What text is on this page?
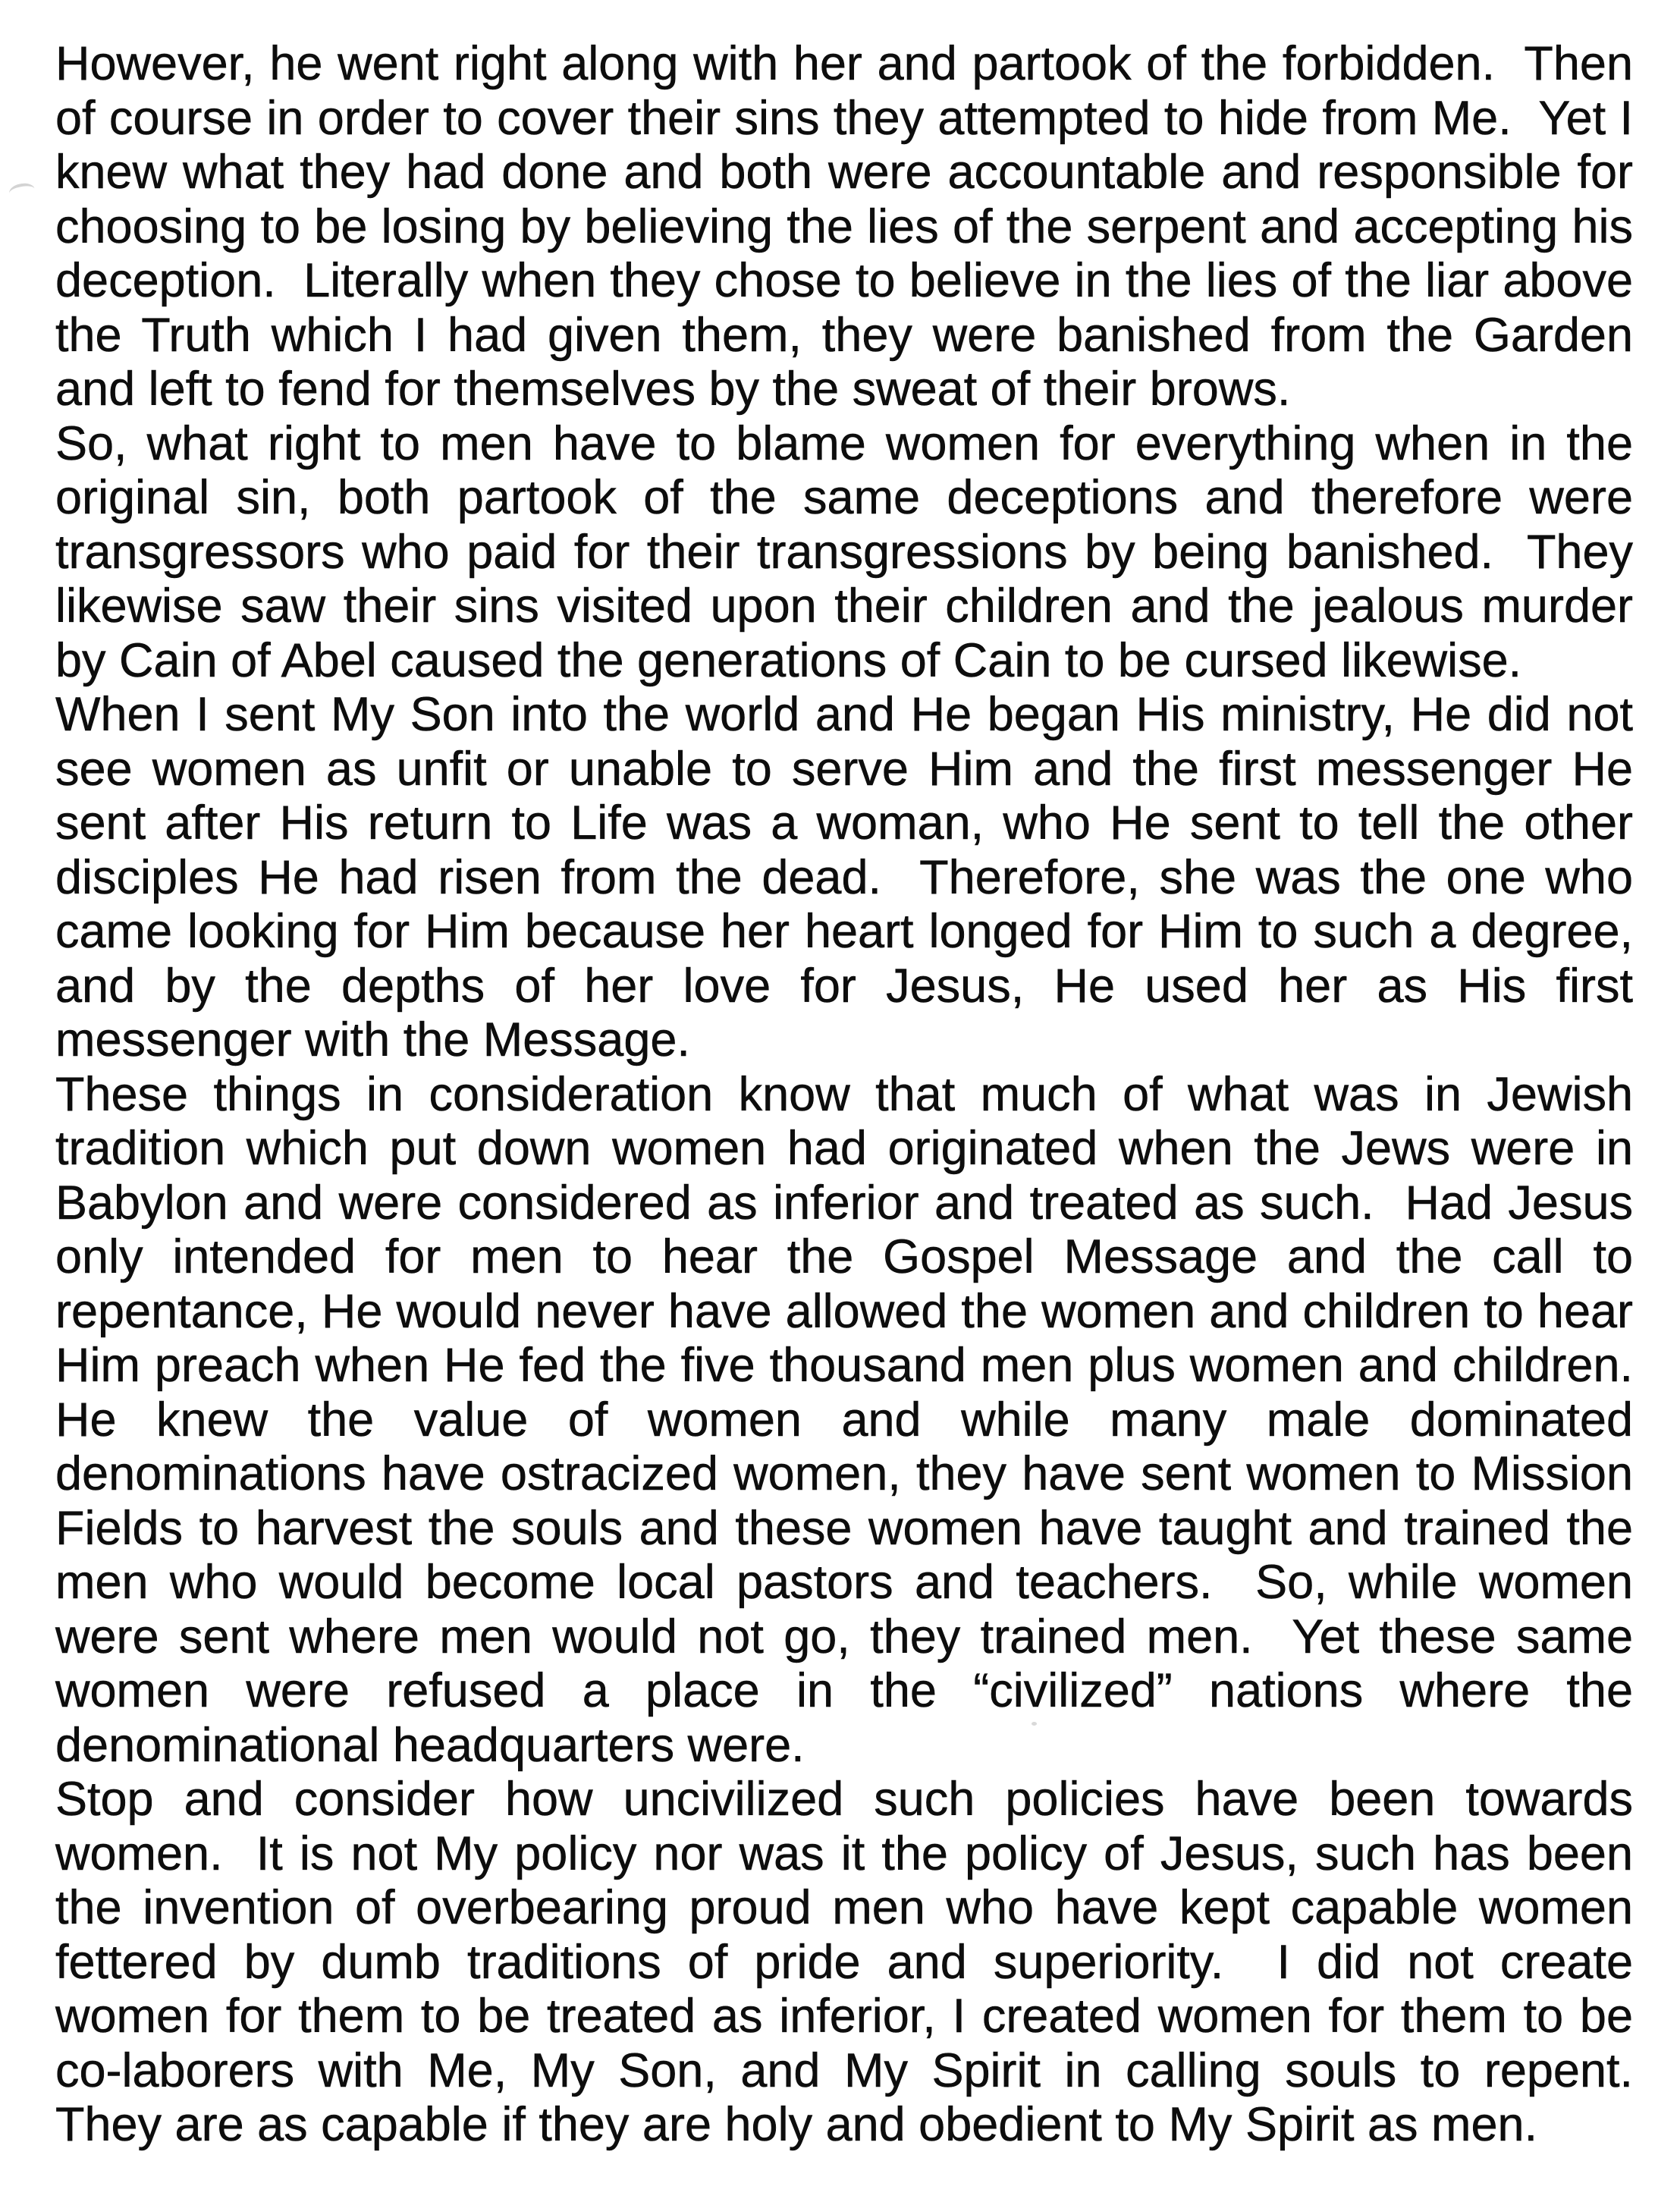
However, he went right along with her and partook of the forbidden.  Then of course in order to cover their sins they attempted to hide from Me.  Yet I knew what they had done and both were accountable and responsible for choosing to be losing by believing the lies of the serpent and accepting his deception.  Literally when they chose to believe in the lies of the liar above the Truth which I had given them, they were banished from the Garden and left to fend for themselves by the sweat of their brows.

So, what right to men have to blame women for everything when in the original sin, both partook of the same deceptions and therefore were transgressors who paid for their transgressions by being banished.  They likewise saw their sins visited upon their children and the jealous murder by Cain of Abel caused the generations of Cain to be cursed likewise.

When I sent My Son into the world and He began His ministry, He did not see women as unfit or unable to serve Him and the first messenger He sent after His return to Life was a woman, who He sent to tell the other disciples He had risen from the dead.  Therefore, she was the one who came looking for Him because her heart longed for Him to such a degree, and by the depths of her love for Jesus, He used her as His first messenger with the Message.

These things in consideration know that much of what was in Jewish tradition which put down women had originated when the Jews were in Babylon and were considered as inferior and treated as such.  Had Jesus only intended for men to hear the Gospel Message and the call to repentance, He would never have allowed the women and children to hear Him preach when He fed the five thousand men plus women and children.  He knew the value of women and while many male dominated denominations have ostracized women, they have sent women to Mission Fields to harvest the souls and these women have taught and trained the men who would become local pastors and teachers.  So, while women were sent where men would not go, they trained men.  Yet these same women were refused a place in the “civilized” nations where the denominational headquarters were.

Stop and consider how uncivilized such policies have been towards women.  It is not My policy nor was it the policy of Jesus, such has been the invention of overbearing proud men who have kept capable women fettered by dumb traditions of pride and superiority.  I did not create women for them to be treated as inferior, I created women for them to be co-laborers with Me, My Son, and My Spirit in calling souls to repent.  They are as capable if they are holy and obedient to My Spirit as men.
